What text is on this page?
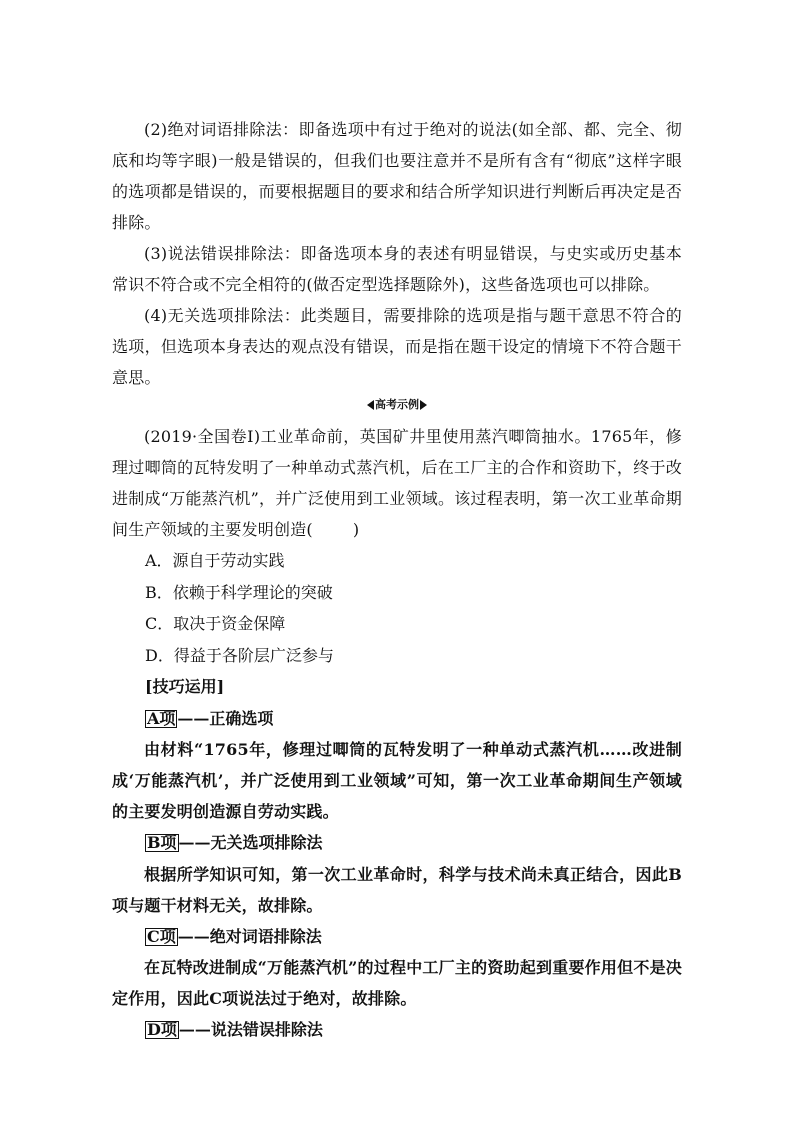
(2)绝对词语排除法：即备选项中有过于绝对的说法(如全部、都、完全、彻底和均等字眼)一般是错误的，但我们也要注意并不是所有含有“彻底”这样字眼的选项都是错误的，而要根据题目的要求和结合所学知识进行判断后再决定是否排除。

(3)说法错误排除法：即备选项本身的表述有明显错误，与史实或历史基本常识不符合或不完全相符的(做否定型选择题除外)，这些备选项也可以排除。

(4)无关选项排除法：此类题目，需要排除的选项是指与题干意思不符合的选项，但选项本身表达的观点没有错误，而是指在题干设定的情境下不符合题干意思。

高考示例

(2019·全国卷Ⅰ)工业革命前，英国矿井里使用蒸汽唧筒抽水。1765年，修理过唧筒的瓦特发明了一种单动式蒸汽机，后在工厂主的合作和资助下，终于改进制成“万能蒸汽机”，并广泛使用到工业领域。该过程表明，第一次工业革命期间生产领域的主要发明创造(	)

A．源自于劳动实践

B．依赖于科学理论的突破

C．取决于资金保障

D．得益于各阶层广泛参与

[技巧运用]

A项 ——正确选项

由材料“1765年，修理过唧筒的瓦特发明了一种单动式蒸汽机……改进制成‘万能蒸汽机’，并广泛使用到工业领域”可知，第一次工业革命期间生产领域的主要发明创造源自劳动实践。

B项 ——无关选项排除法

根据所学知识可知，第一次工业革命时，科学与技术尚未真正结合，因此B项与题干材料无关，故排除。

C项 ——绝对词语排除法

在瓦特改进制成“万能蒸汽机”的过程中工厂主的资助起到重要作用但不是决定作用，因此C项说法过于绝对，故排除。

D项 ——说法错误排除法
